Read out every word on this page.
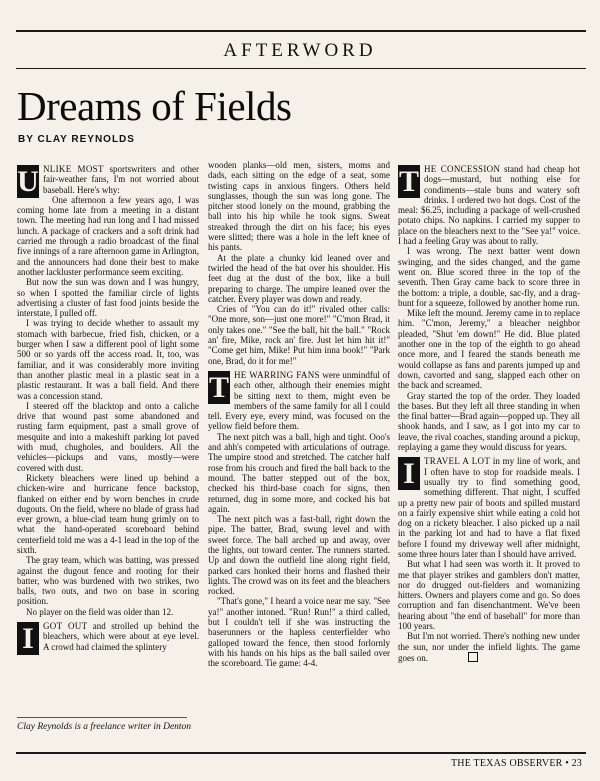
AFTERWORD
Dreams of Fields
BY CLAY REYNOLDS

U NLIKE MOST sportswriters and other fair-weather fans, I'm not worried about baseball. Here's why:

One afternoon a few years ago, I was coming home late from a meeting in a distant town. The meeting had run long and I had missed lunch. A package of crackers and a soft drink had carried me through a radio broadcast of the final five innings of a rare afternoon game in Arlington, and the announcers had done their best to make another lackluster performance seem exciting.

But now the sun was down and I was hungry, so when I spotted the familiar circle of lights advertising a cluster of fast food joints beside the interstate, I pulled off.

I was trying to decide whether to assault my stomach with barbecue, fried fish, chicken, or a burger when I saw a different pool of light some 500 or so yards off the access road. It, too, was familiar, and it was considerably more inviting than another plastic meal in a plastic seat in a plastic restaurant. It was a ball field. And there was a concession stand.

I steered off the blacktop and onto a caliche drive that wound past some abandoned and rusting farm equipment, past a small grove of mesquite and into a makeshift parking lot paved with mud, chugholes, and boulders. All the vehicles—pickups and vans, mostly—were covered with dust.

Rickety bleachers were lined up behind a chicken-wire and hurricane fence backstop, flanked on either end by worn benches in crude dugouts. On the field, where no blade of grass had ever grown, a blue-clad team hung grimly on to what the hand-operated scoreboard behind centerfield told me was a 4-1 lead in the top of the sixth.

The gray team, which was batting, was pressed against the dugout fence and rooting for their batter, who was burdened with two strikes, two balls, two outs, and two on base in scoring position.

No player on the field was older than 12.

I	GOT OUT and strolled up behind the bleachers, which were about at eye level. A crowd had claimed the splintery

wooden planks—old men, sisters, moms and dads, each sitting on the edge of a seat, some twisting caps in anxious fingers. Others held sunglasses, though the sun was long gone. The pitcher stood lonely on the mound, grabbing the ball into his hip while he took signs. Sweat streaked through the dirt on his face; his eyes were slitted; there was a hole in the left knee of his pants.

At the plate a chunky kid leaned over and twirled the head of the bat over his shoulder. His feet dug at the dust of the box, like a bull preparing to charge. The umpire leaned over the catcher. Every player was down and ready.

Cries of "You can do it!" rivaled other calls: "One more, son—just one more!" "C'mon Brad, it only takes one." "See the ball, hit the ball." "Rock an' fire, Mike, rock an' fire. Just let him hit it!" "Come get him, Mike! Put him inna book!" "Park one, Brad, do it for me!"

T HE WARRING FANS were unmindful of each other, although their enemies might be sitting next to them, might even be members of the same family for all I could tell. Every eye, every mind, was focused on the yellow field before them.

The next pitch was a ball, high and tight. Ooo's and ahh's competed with articulations of outrage. The umpire stood and stretched. The catcher half rose from his crouch and fired the ball back to the mound. The batter stepped out of the box, checked his third-base coach for signs, then returned, dug in some more, and cocked his bat again.

The next pitch was a fast-ball, right down the pipe. The batter, Brad, swung level and with sweet force. The ball arched up and away, over the lights, out toward center. The runners started. Up and down the outfield line along right field, parked cars honked their horns and flashed their lights. The crowd was on its feet and the bleachers rocked.

"That's gone," I heard a voice near me say. "See ya!" another intoned. "Run! Run!" a third called, but I couldn't tell if she was instructing the baserunners or the hapless centerfielder who galloped toward the fence, then stood forlornly with his hands on his hips as the ball sailed over the scoreboard. Tie game: 4-4.

T HE CONCESSION stand had cheap hot dogs—mustard, but nothing else for condiments—stale buns and watery soft drinks. I ordered two hot dogs. Cost of the meal: $6.25, including a package of well-crushed potato chips. No napkins. I carried my supper to place on the bleachers next to the "See ya!" voice. I had a feeling Gray was about to rally.

I was wrong. The next batter went down swinging, and the sides changed, and the game went on. Blue scored three in the top of the seventh. Then Gray came back to score three in the bottom: a triple, a double, sac-fly, and a drag-bunt for a squeeze, followed by another home run.

Mike left the mound. Jeremy came in to replace him. "C'mon, Jeremy," a bleacher neighbor pleaded, "Shut 'em down!" He did. Blue plated another one in the top of the eighth to go ahead once more, and I feared the stands beneath me would collapse as fans and parents jumped up and down, cavorted and sang, slapped each other on the back and screamed.

Gray started the top of the order. They loaded the bases. But they left all three standing in when the final batter—Brad again—popped up. They all shook hands, and I saw, as I got into my car to leave, the rival coaches, standing around a pickup, replaying a game they would discuss for years.

I	TRAVEL A LOT in my line of work, and I often have to stop for roadside meals. I usually try to find something good, something different. That night, I scuffed up a pretty new pair of boots and spilled mustard on a fairly expensive shirt while eating a cold hot dog on a rickety bleacher. I also picked up a nail in the parking lot and had to have a flat fixed before I found my driveway well after midnight, some three hours later than I should have arrived.

But what I had seen was worth it. It proved to me that player strikes and gamblers don't matter, nor do drugged out-fielders and womanizing hitters. Owners and players come and go. So does corruption and fan disenchantment. We've been hearing about "the end of baseball" for more than 100 years.

But I'm not worried. There's nothing new under the sun, nor under the infield lights. The game goes on.

Clay Reynolds is a freelance writer in Denton
THE TEXAS OBSERVER • 23
